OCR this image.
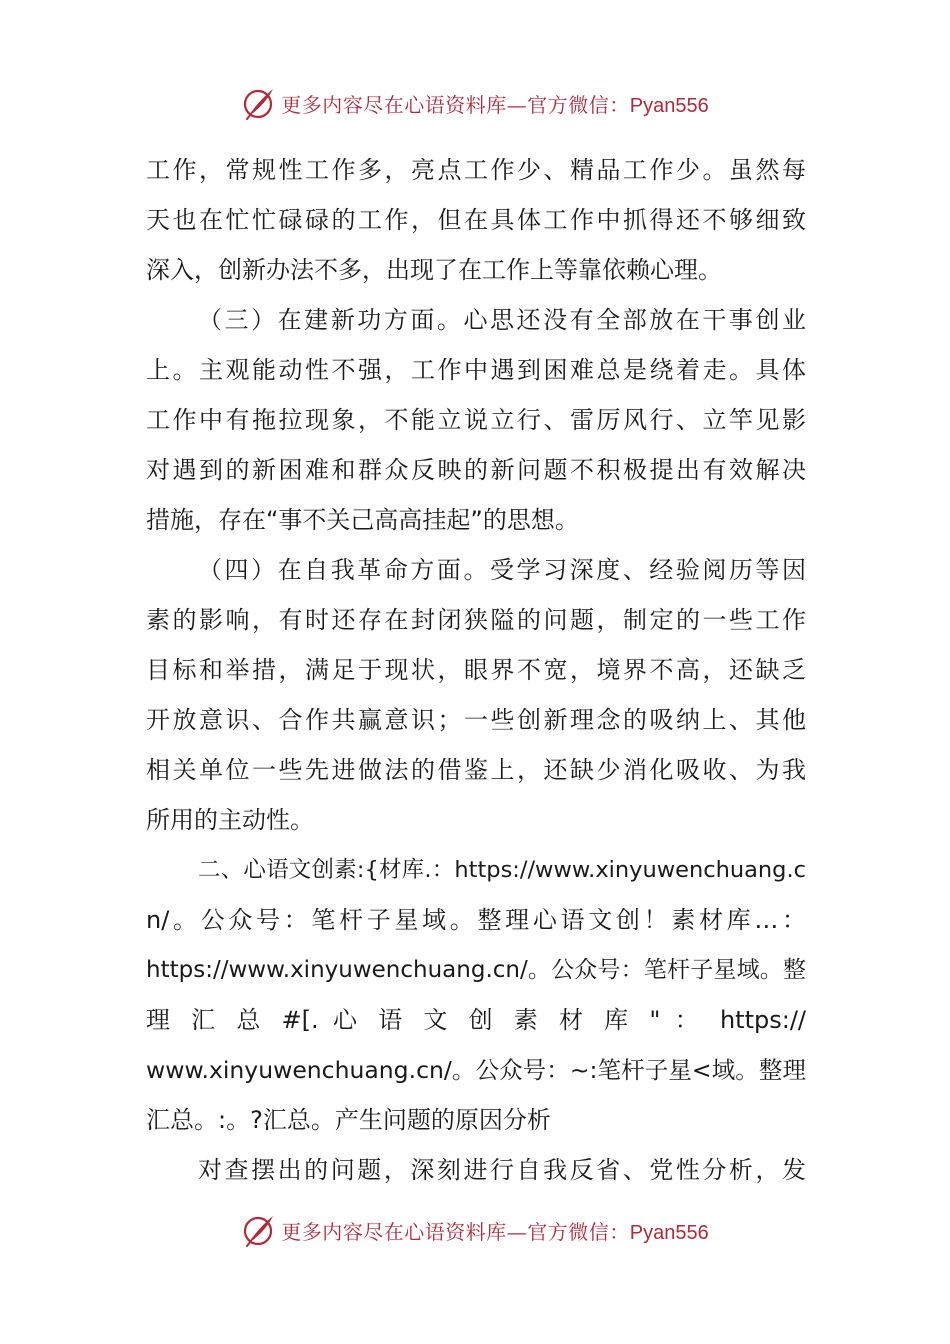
更多内容尽在心语资料库—官方微信：Pyan556
工作，常规性工作多，亮点工作少、精品工作少。虽然每
天也在忙忙碌碌的工作，但在具体工作中抓得还不够细致
深入，创新办法不多，出现了在工作上等靠依赖心理。
（三）在建新功方面。心思还没有全部放在干事创业
上。主观能动性不强，工作中遇到困难总是绕着走。具体
工作中有拖拉现象，不能立说立行、雷厉风行、立竿见影
对遇到的新困难和群众反映的新问题不积极提出有效解决
措施，存在“事不关己高高挂起”的思想。
（四）在自我革命方面。受学习深度、经验阅历等因
素的影响，有时还存在封闭狭隘的问题，制定的一些工作
目标和举措，满足于现状，眼界不宽，境界不高，还缺乏
开放意识、合作共赢意识；一些创新理念的吸纳上、其他
相关单位一些先进做法的借鉴上，还缺少消化吸收、为我
所用的主动性。
二、心语文创素:{材库.：https://www.xinyuwenchuang.c
n/。公众号：笔杆子星域。整理心语文创！素材库…：
https://www.xinyuwenchuang.cn/。公众号：笔杆子星域。整
理 汇 总 #[. 心 语 文 创 素 材 库 " ： https://
www.xinyuwenchuang.cn/。公众号：~:笔杆子星<域。整理
汇总。:。?汇总。产生问题的原因分析
对查摆出的问题，深刻进行自我反省、党性分析，发
更多内容尽在心语资料库—官方微信：Pyan556
